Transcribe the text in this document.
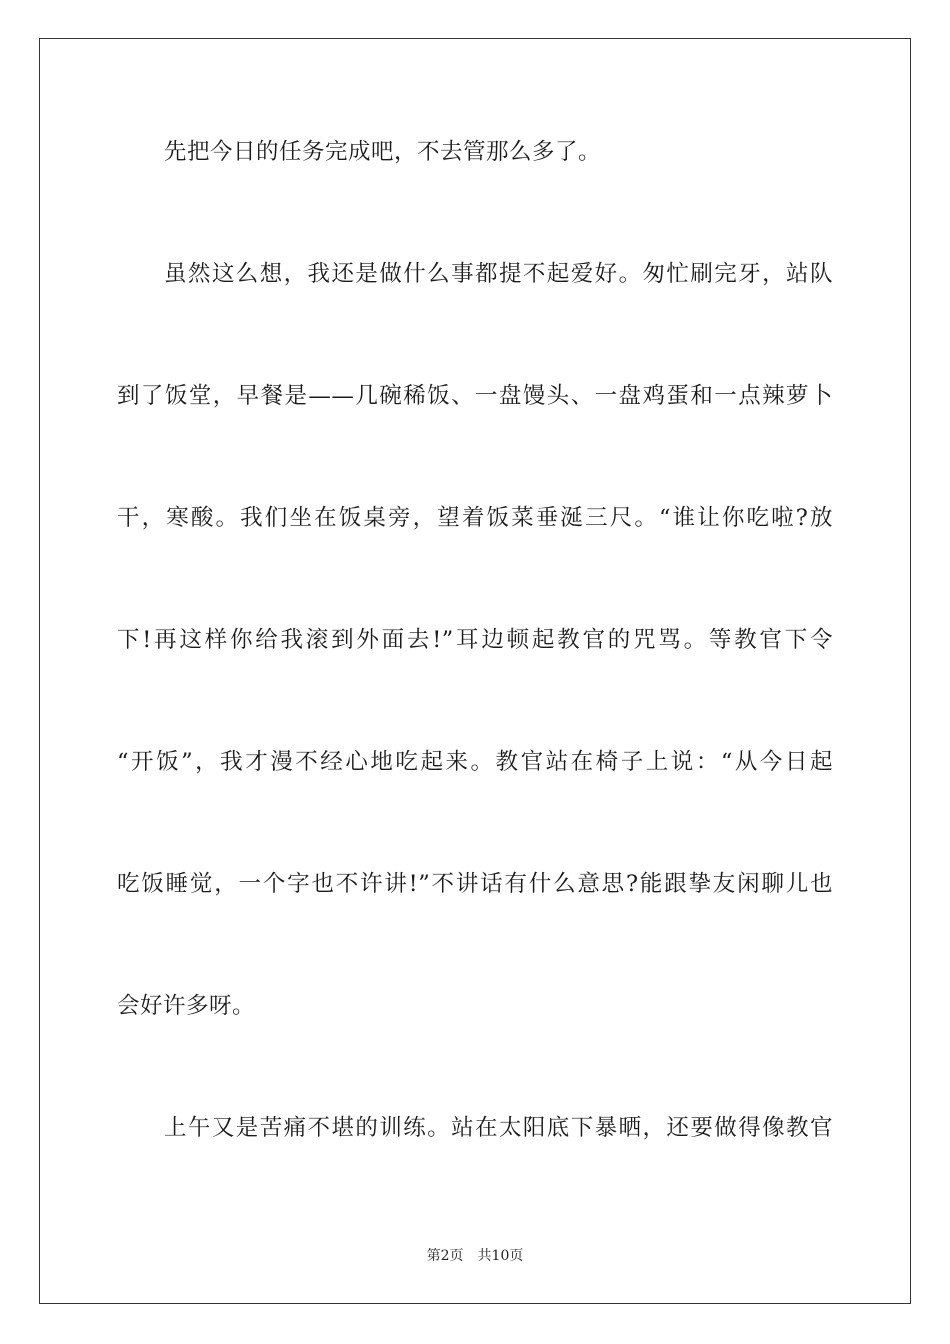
先把今日的任务完成吧，不去管那么多了。
虽然这么想，我还是做什么事都提不起爱好。匆忙刷完牙，站队
到了饭堂，早餐是——几碗稀饭、一盘馒头、一盘鸡蛋和一点辣萝卜
干，寒酸。我们坐在饭桌旁，望着饭菜垂涎三尺。“谁让你吃啦?放
下!再这样你给我滚到外面去!”耳边顿起教官的咒骂。等教官下令
“开饭”，我才漫不经心地吃起来。教官站在椅子上说：“从今日起
吃饭睡觉，一个字也不许讲!”不讲话有什么意思?能跟挚友闲聊儿也
会好许多呀。
上午又是苦痛不堪的训练。站在太阳底下暴晒，还要做得像教官
第2页 共10页
